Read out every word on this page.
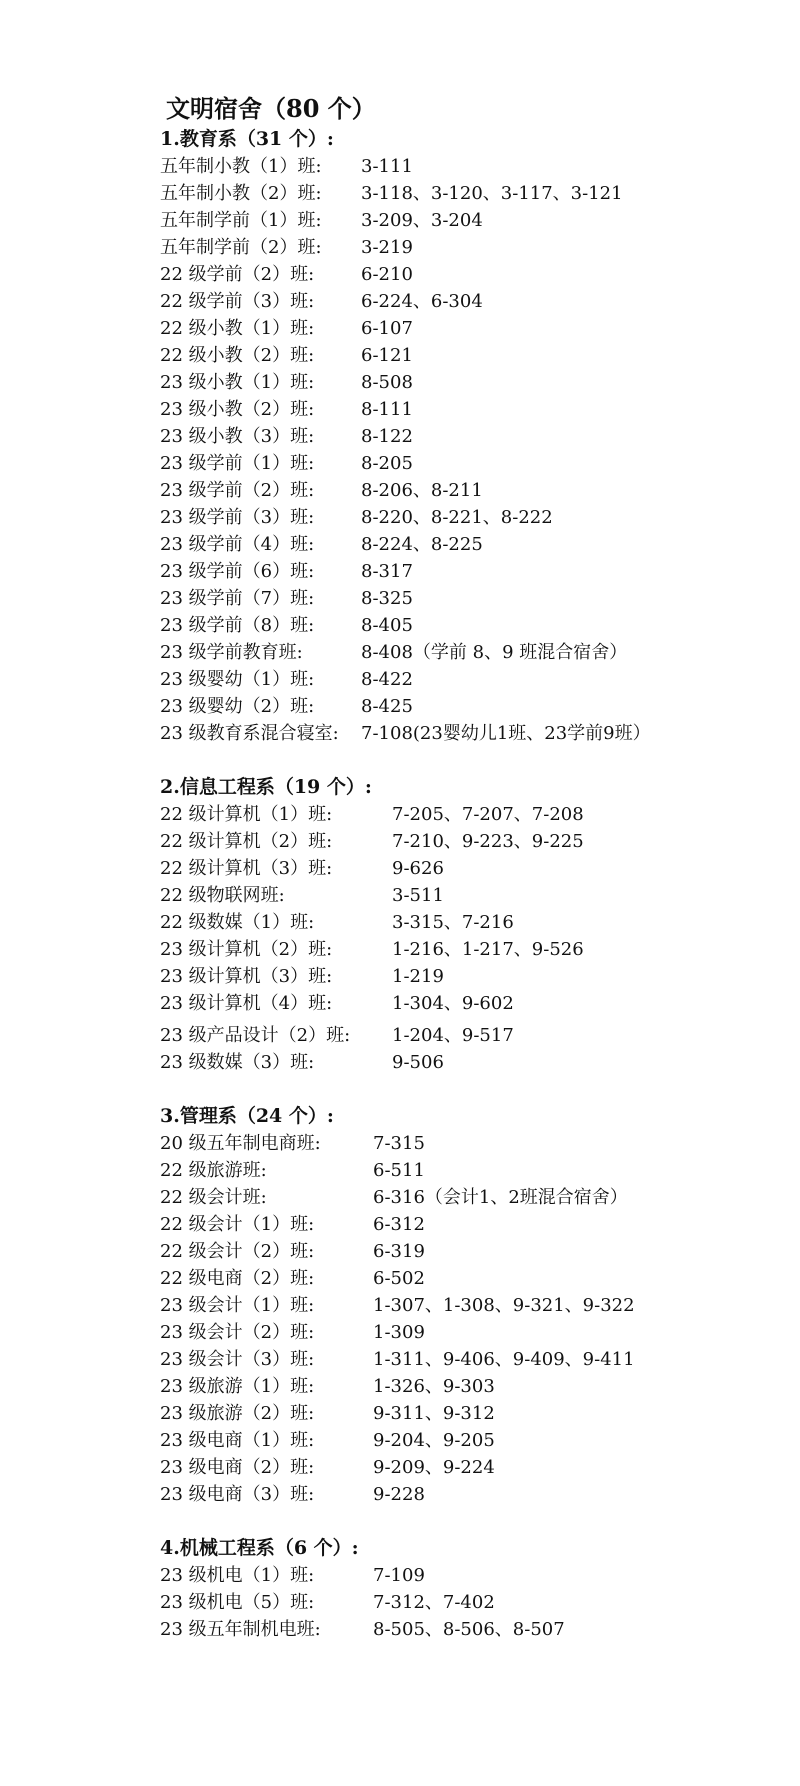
文明宿舍（80 个）
1.教育系（31 个）:
五年制小教（1）班: 3-111
五年制小教（2）班: 3-118、3-120、3-117、3-121
五年制学前（1）班: 3-209、3-204
五年制学前（2）班: 3-219
22 级学前（2）班:	6-210
22 级学前（3）班:	6-224、6-304
22 级小教（1）班:	6-107
22 级小教（2）班:	6-121
23 级小教（1）班:	8-508
23 级小教（2）班:	8-111
23 级小教（3）班:	8-122
23 级学前（1）班:	8-205
23 级学前（2）班:	8-206、8-211
23 级学前（3）班:	8-220、8-221、8-222
23 级学前（4）班:	8-224、8-225
23 级学前（6）班:	8-317
23 级学前（7）班:	8-325
23 级学前（8）班:	8-405
23 级学前教育班:	8-408（学前 8、9 班混合宿舍）
23 级婴幼（1）班:	8-422
23 级婴幼（2）班:	8-425
23 级教育系混合寝室: 7-108(23婴幼儿1班、23学前9班）
2.信息工程系（19 个）:
22 级计算机（1）班:	7-205、7-207、7-208
22 级计算机（2）班:	7-210、9-223、9-225
22 级计算机（3）班:	9-626
22 级物联网班:	3-511
22 级数媒（1）班:	3-315、7-216
23 级计算机（2）班:	1-216、1-217、9-526
23 级计算机（3）班:	1-219
23 级计算机（4）班:	1-304、9-602
23 级产品设计（2）班: 1-204、9-517
23 级数媒（3）班:	9-506
3.管理系（24 个）:
20 级五年制电商班:	7-315
22 级旅游班:	6-511
22 级会计班:	6-316（会计1、2班混合宿舍）
22 级会计（1）班:	6-312
22 级会计（2）班:	6-319
22 级电商（2）班:	6-502
23 级会计（1）班:	1-307、1-308、9-321、9-322
23 级会计（2）班:	1-309
23 级会计（3）班:	1-311、9-406、9-409、9-411
23 级旅游（1）班:	1-326、9-303
23 级旅游（2）班:	9-311、9-312
23 级电商（1）班:	9-204、9-205
23 级电商（2）班:	9-209、9-224
23 级电商（3）班:	9-228
4.机械工程系（6 个）:
23 级机电（1）班:	7-109
23 级机电（5）班:	7-312、7-402
23 级五年制机电班:	8-505、8-506、8-507
